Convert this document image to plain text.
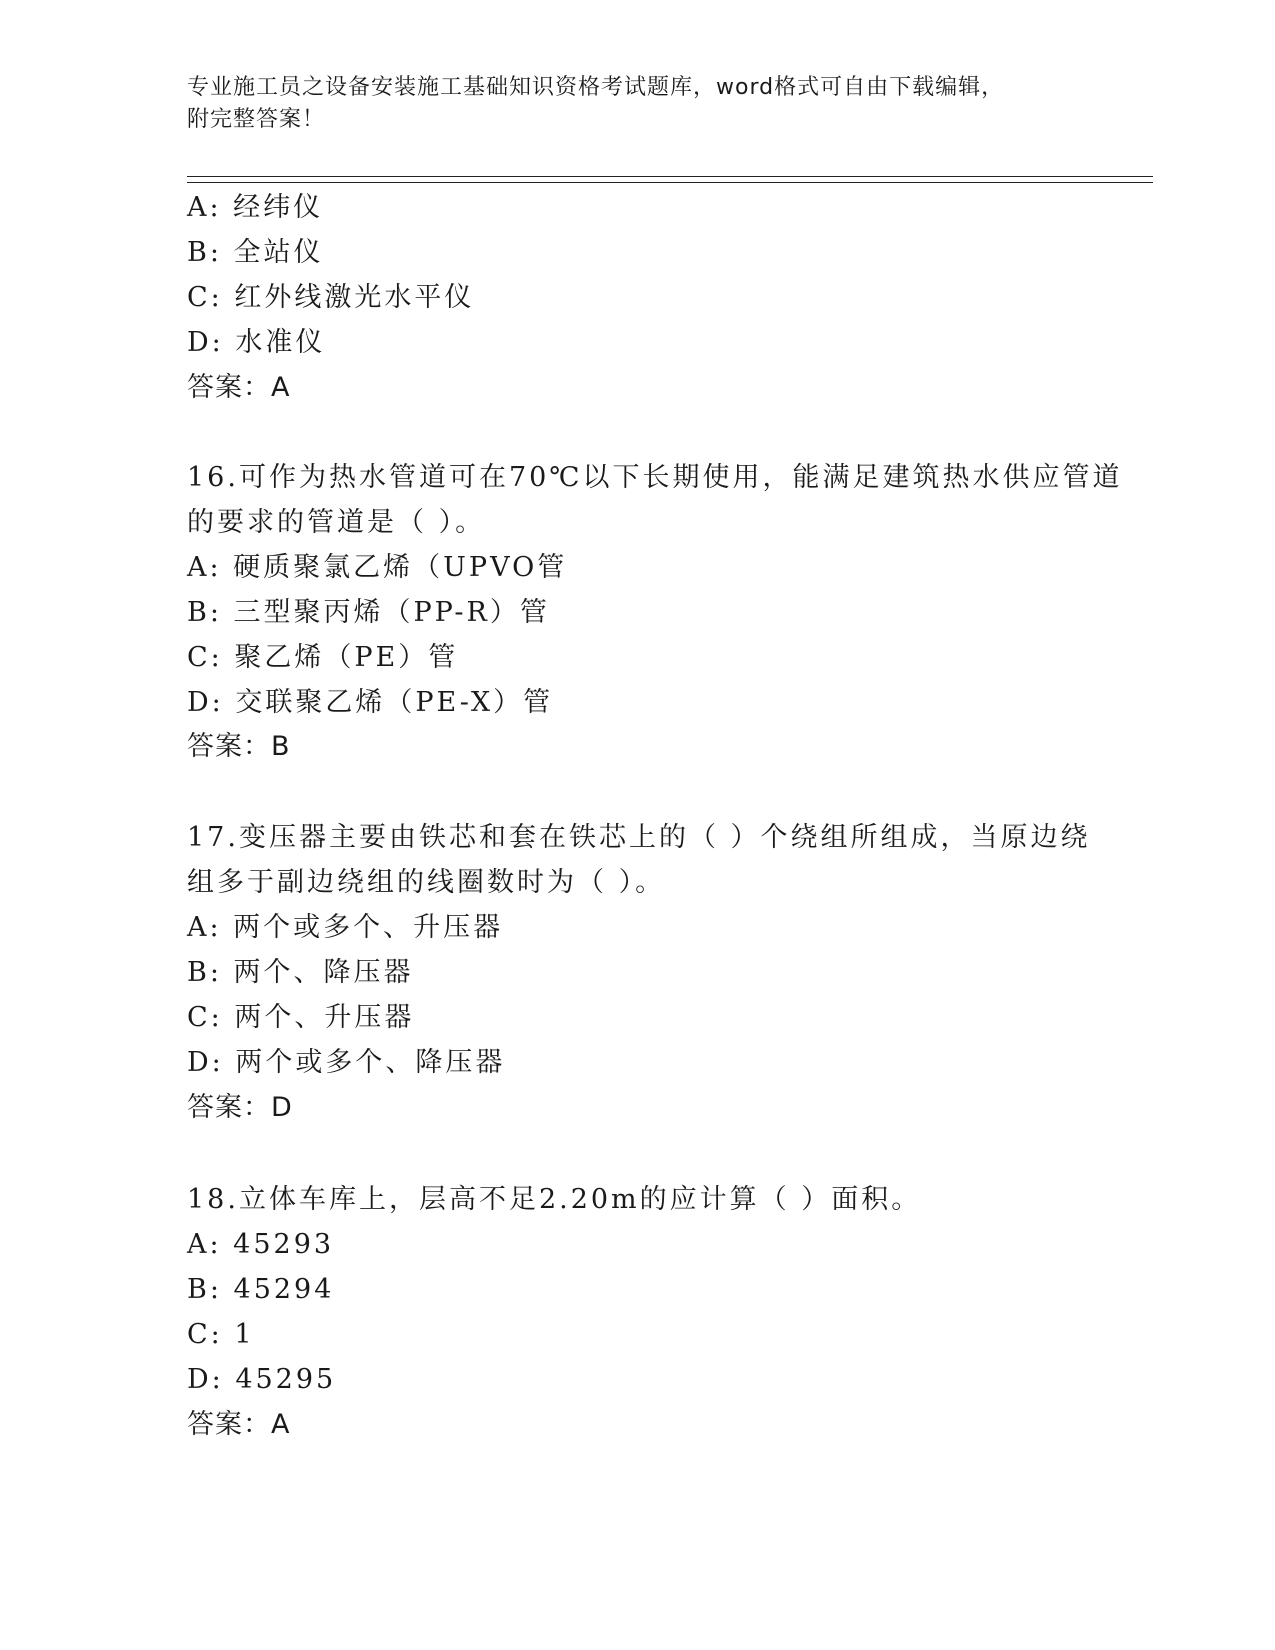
专业施工员之设备安装施工基础知识资格考试题库，word格式可自由下载编辑，
附完整答案！
A: 经纬仪
B: 全站仪
C: 红外线激光水平仪
D: 水准仪
答案：A
16.可作为热水管道可在70℃以下长期使用，能满足建筑热水供应管道
的要求的管道是（ ）。
A: 硬质聚氯乙烯（UPVO管
B: 三型聚丙烯（PP-R）管
C: 聚乙烯（PE）管
D: 交联聚乙烯（PE-X）管
答案：B
17.变压器主要由铁芯和套在铁芯上的（ ）个绕组所组成，当原边绕
组多于副边绕组的线圈数时为（ ）。
A: 两个或多个、升压器
B: 两个、降压器
C: 两个、升压器
D: 两个或多个、降压器
答案：D
18.立体车库上，层高不足2.20m的应计算（ ）面积。
A: 45293
B: 45294
C: 1
D: 45295
答案：A
